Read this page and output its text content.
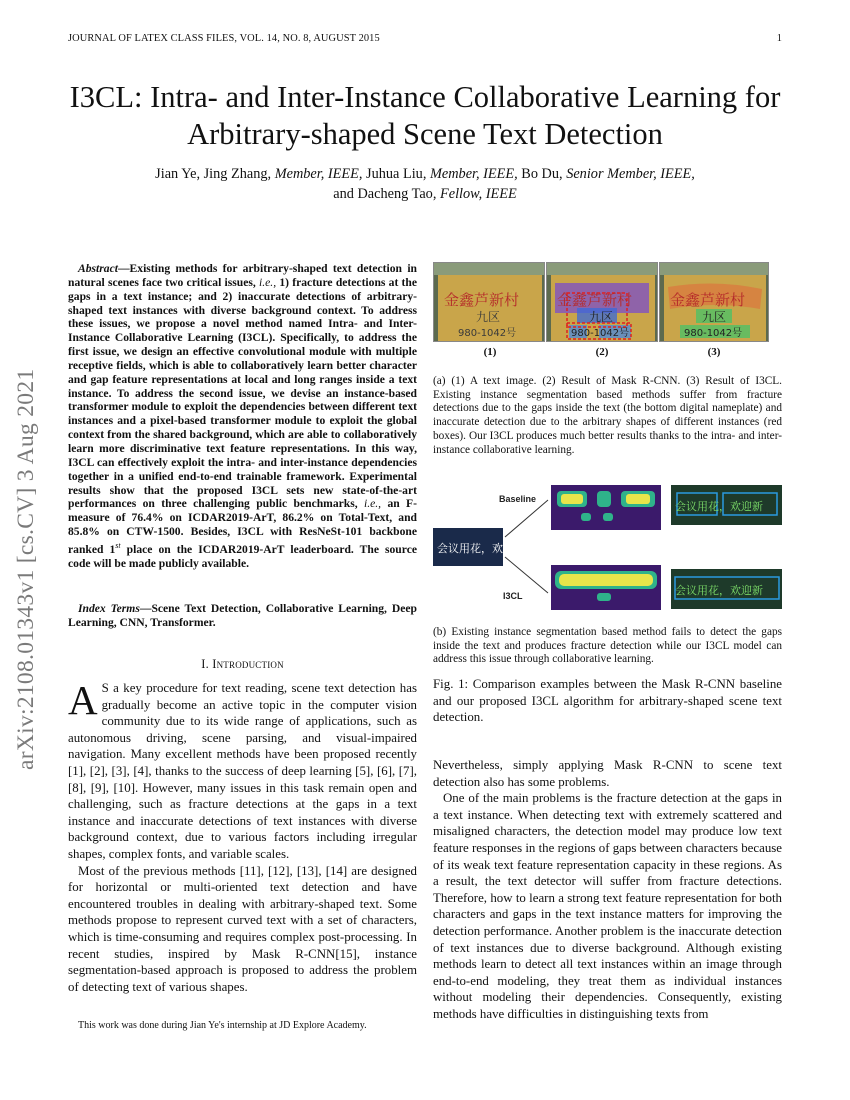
JOURNAL OF LATEX CLASS FILES, VOL. 14, NO. 8, AUGUST 2015	1
arXiv:2108.01343v1 [cs.CV] 3 Aug 2021
I3CL: Intra- and Inter-Instance Collaborative Learning for Arbitrary-shaped Scene Text Detection
Jian Ye, Jing Zhang, Member, IEEE, Juhua Liu, Member, IEEE, Bo Du, Senior Member, IEEE,
and Dacheng Tao, Fellow, IEEE
Abstract—Existing methods for arbitrary-shaped text detection in natural scenes face two critical issues, i.e., 1) fracture detections at the gaps in a text instance; and 2) inaccurate detections of arbitrary-shaped text instances with diverse background context. To address these issues, we propose a novel method named Intra- and Inter-Instance Collaborative Learning (I3CL). Specifically, to address the first issue, we design an effective convolutional module with multiple receptive fields, which is able to collaboratively learn better character and gap feature representations at local and long ranges inside a text instance. To address the second issue, we devise an instance-based transformer module to exploit the dependencies between different text instances and a pixel-based transformer module to exploit the global context from the shared background, which are able to collaboratively learn more discriminative text feature representations. In this way, I3CL can effectively exploit the intra- and inter-instance dependencies together in a unified end-to-end trainable framework. Experimental results show that the proposed I3CL sets new state-of-the-art performances on three challenging public benchmarks, i.e., an F-measure of 76.4% on ICDAR2019-ArT, 86.2% on Total-Text, and 85.8% on CTW-1500. Besides, I3CL with ResNeSt-101 backbone ranked 1st place on the ICDAR2019-ArT leaderboard. The source code will be made publicly available.
Index Terms—Scene Text Detection, Collaborative Learning, Deep Learning, CNN, Transformer.
I. Introduction

A S a key procedure for text reading, scene text detection has gradually become an active topic in the computer vision community due to its wide range of applications, such as autonomous driving, scene parsing, and visual-impaired navigation. Many excellent methods have been proposed recently [1], [2], [3], [4], thanks to the success of deep learning [5], [6], [7], [8], [9], [10]. However, many issues in this task remain open and challenging, such as fracture detections at the gaps in a text instance and inaccurate detections of text instances with diverse background context, due to various factors including irregular shapes, complex fonts, and variable scales.

Most of the previous methods [11], [12], [13], [14] are designed for horizontal or multi-oriented text detection and have encountered troubles in dealing with arbitrary-shaped text. Some methods propose to represent curved text with a set of characters, which is time-consuming and requires complex post-processing. In recent studies, inspired by Mask R-CNN[15], instance segmentation-based approach is proposed to address the problem of detecting text of various shapes.

This work was done during Jian Ye's internship at JD Explore Academy.
金鑫芦新村
九区
980-1042号
金鑫芦新村
九区
980-1042号
金鑫芦新村
九区
980-1042号
(1)	(2)	(3)
(a) (1) A text image. (2) Result of Mask R-CNN. (3) Result of I3CL. Existing instance segmentation based methods suffer from fracture detections due to the gaps inside the text (the bottom digital nameplate) and inaccurate detection due to the arbitrary shapes of different instances (red boxes). Our I3CL produces much better results thanks to the intra- and inter-instance collaborative learning.
会议用花，欢迎新
Baseline
I3CL
会议用花，欢迎新
会议用花，欢迎新
(b) Existing instance segmentation based method fails to detect the gaps inside the text and produces fracture detection while our I3CL model can address this issue through collaborative learning.
Fig. 1: Comparison examples between the Mask R-CNN baseline and our proposed I3CL algorithm for arbitrary-shaped scene text detection.

Nevertheless, simply applying Mask R-CNN to scene text detection also has some problems.

One of the main problems is the fracture detection at the gaps in a text instance. When detecting text with extremely scattered and misaligned characters, the detection model may produce low text feature responses in the regions of gaps between characters because of its weak text feature representation capacity in these regions. As a result, the text detector will suffer from fracture detections. Therefore, how to learn a strong text feature representation for both characters and gaps in the text instance matters for improving the detection performance. Another problem is the inaccurate detection of text instances due to diverse background. Although existing methods learn to detect all text instances within an image through end-to-end modeling, they treat them as individual instances without modeling their dependencies. Consequently, existing methods have difficulties in distinguishing texts from
